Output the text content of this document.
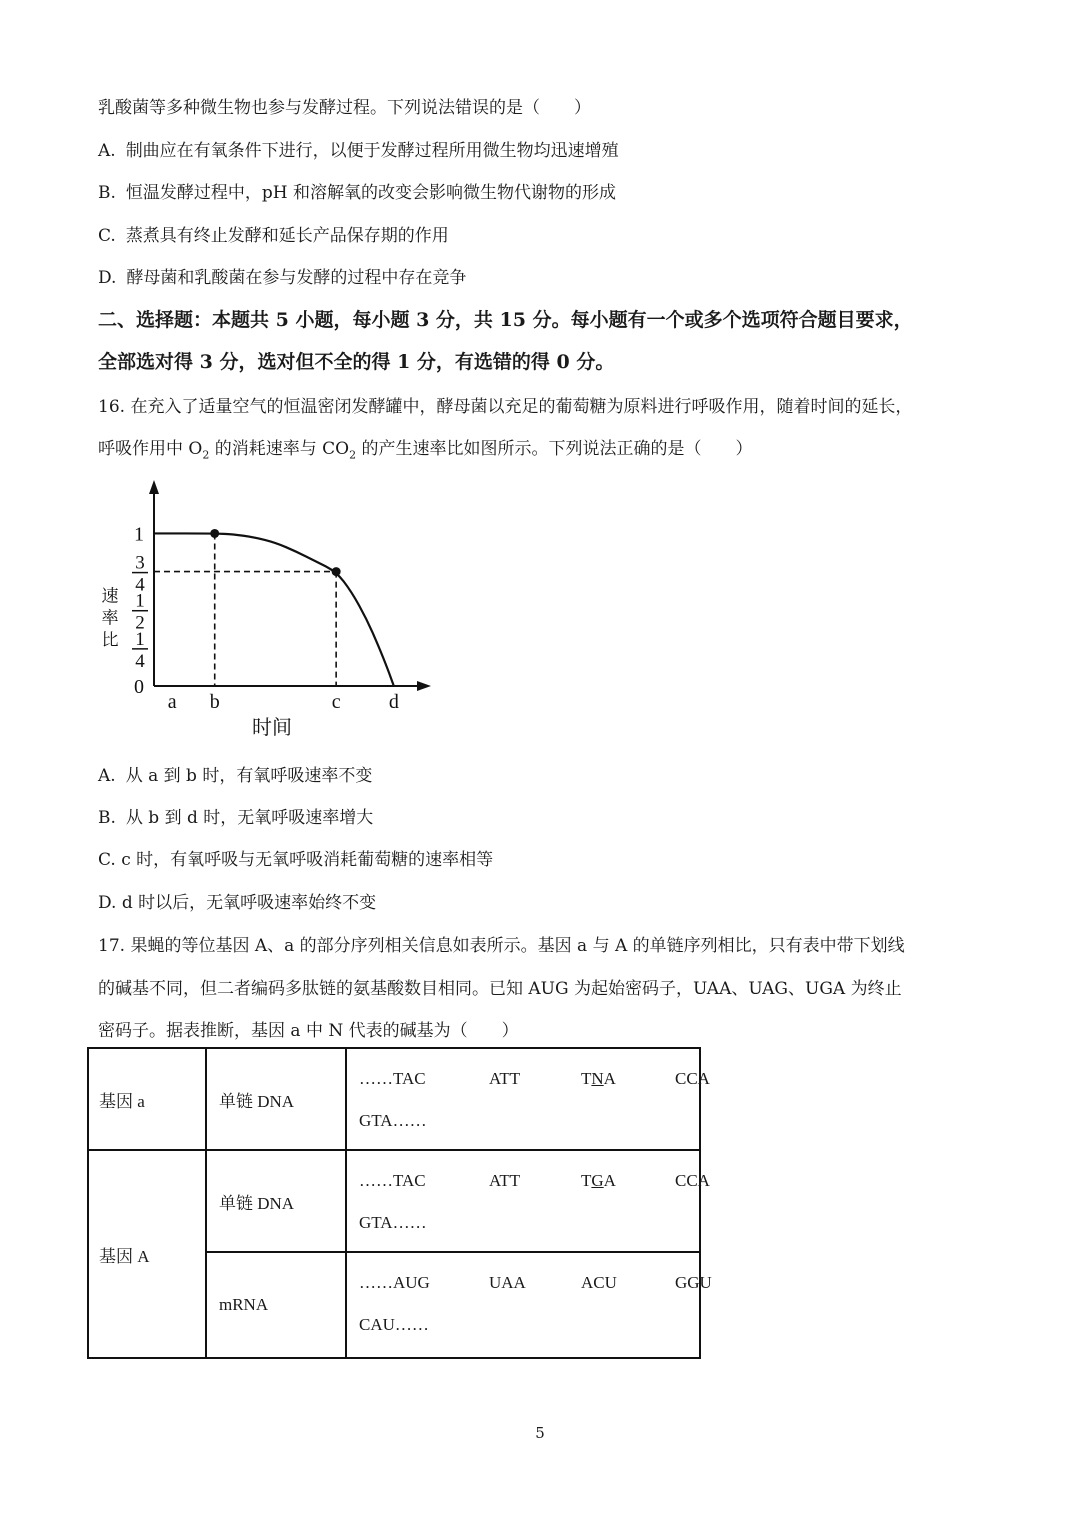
乳酸菌等多种微生物也参与发酵过程。下列说法错误的是（　　）
A. 制曲应在有氧条件下进行，以便于发酵过程所用微生物均迅速增殖
B. 恒温发酵过程中，pH 和溶解氧的改变会影响微生物代谢物的形成
C. 蒸煮具有终止发酵和延长产品保存期的作用
D. 酵母菌和乳酸菌在参与发酵的过程中存在竞争
二、选择题：本题共 5 小题，每小题 3 分，共 15 分。每小题有一个或多个选项符合题目要求，
全部选对得 3 分，选对但不全的得 1 分，有选错的得 0 分。
16. 在充入了适量空气的恒温密闭发酵罐中，酵母菌以充足的葡萄糖为原料进行呼吸作用，随着时间的延长，
呼吸作用中 $O_2$ 的消耗速率与 $CO_2$ 的产生速率比如图所示。下列说法正确的是（　　）
0
1
4
1
2
3
4
1
a b	c d
时间
速率比
A. 从 a 到 b 时，有氧呼吸速率不变
B. 从 b 到 d 时，无氧呼吸速率增大
C. c 时，有氧呼吸与无氧呼吸消耗葡萄糖的速率相等
D. d 时以后，无氧呼吸速率始终不变
17. 果蝇的等位基因 A、a 的部分序列相关信息如表所示。基因 a 与 A 的单链序列相比，只有表中带下划线
的碱基不同，但二者编码多肽链的氨基酸数目相同。已知 AUG 为起始密码子，UAA、UAG、UGA 为终止
密码子。据表推断，基因 a 中 N 代表的碱基为（　　）
基因 a	单链 DNA	……TAC ATT TNA CCA
GTA……

基因 A	单链 DNA	……TAC ATT TGA CCA
GTA……

	mRNA	……AUG UAA ACU GGU
CAU……
5
